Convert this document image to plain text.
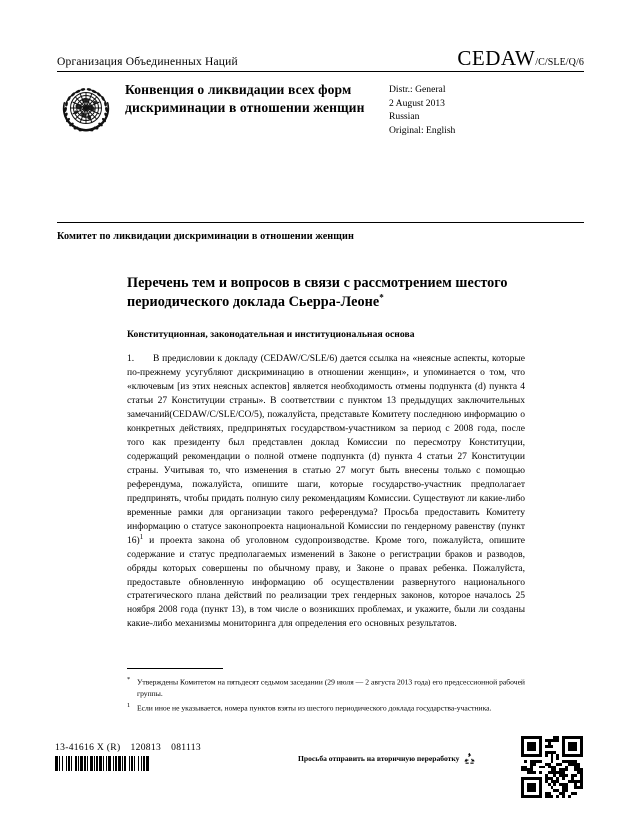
Организация Объединенных Наций	CEDAW /C/SLE/Q/6
Конвенция о ликвидации всех форм дискриминации в отношении женщин
Distr.: General
2 August 2013
Russian
Original: English
Комитет по ликвидации дискриминации в отношении женщин
Перечень тем и вопросов в связи с рассмотрением шестого периодического доклада Сьерра-Леоне*
Конституционная, законодательная и институциональная основа
1. В предисловии к докладу (CEDAW/C/SLE/6) дается ссылка на «неясные аспекты, которые по-прежнему усугубляют дискриминацию в отношении женщин», и упоминается о том, что «ключевым [из этих неясных аспектов] является необходимость отмены подпункта (d) пункта 4 статьи 27 Конституции страны». В соответствии с пунктом 13 предыдущих заключительных замечаний(CEDAW/C/SLE/CO/5), пожалуйста, представьте Комитету последнюю информацию о конкретных действиях, предпринятых государством-участником за период с 2008 года, после того как президенту был представлен доклад Комиссии по пересмотру Конституции, содержащий рекомендации о полной отмене подпункта (d) пункта 4 статьи 27 Конституции страны. Учитывая то, что изменения в статью 27 могут быть внесены только с помощью референдума, пожалуйста, опишите шаги, которые государство-участник предполагает предпринять, чтобы придать полную силу рекомендациям Комиссии. Существуют ли какие-либо временные рамки для организации такого референдума? Просьба предоставить Комитету информацию о статусе законопроекта национальной Комиссии по гендерному равенству (пункт 16)$^1$ и проекта закона об уголовном судопроизводстве. Кроме того, пожалуйста, опишите содержание и статус предполагаемых изменений в Законе о регистрации браков и разводов, обряды которых совершены по обычному праву, и Законе о правах ребенка. Пожалуйста, предоставьте обновленную информацию об осуществлении развернутого национального стратегического плана действий по реализации трех гендерных законов, которое началось 25 ноября 2008 года (пункт 13), в том числе о возникших проблемах, и укажите, были ли созданы какие-либо механизмы мониторинга для определения его основных результатов.
* Утверждены Комитетом на пятьдесят седьмом заседании (29 июля — 2 августа 2013 года) его предсессионной рабочей группы.
1 Если иное не указывается, номера пунктов взяты из шестого периодического доклада государства-участника.
13-41616 X (R) 120813 081113
Просьба отправить на вторичную переработку
